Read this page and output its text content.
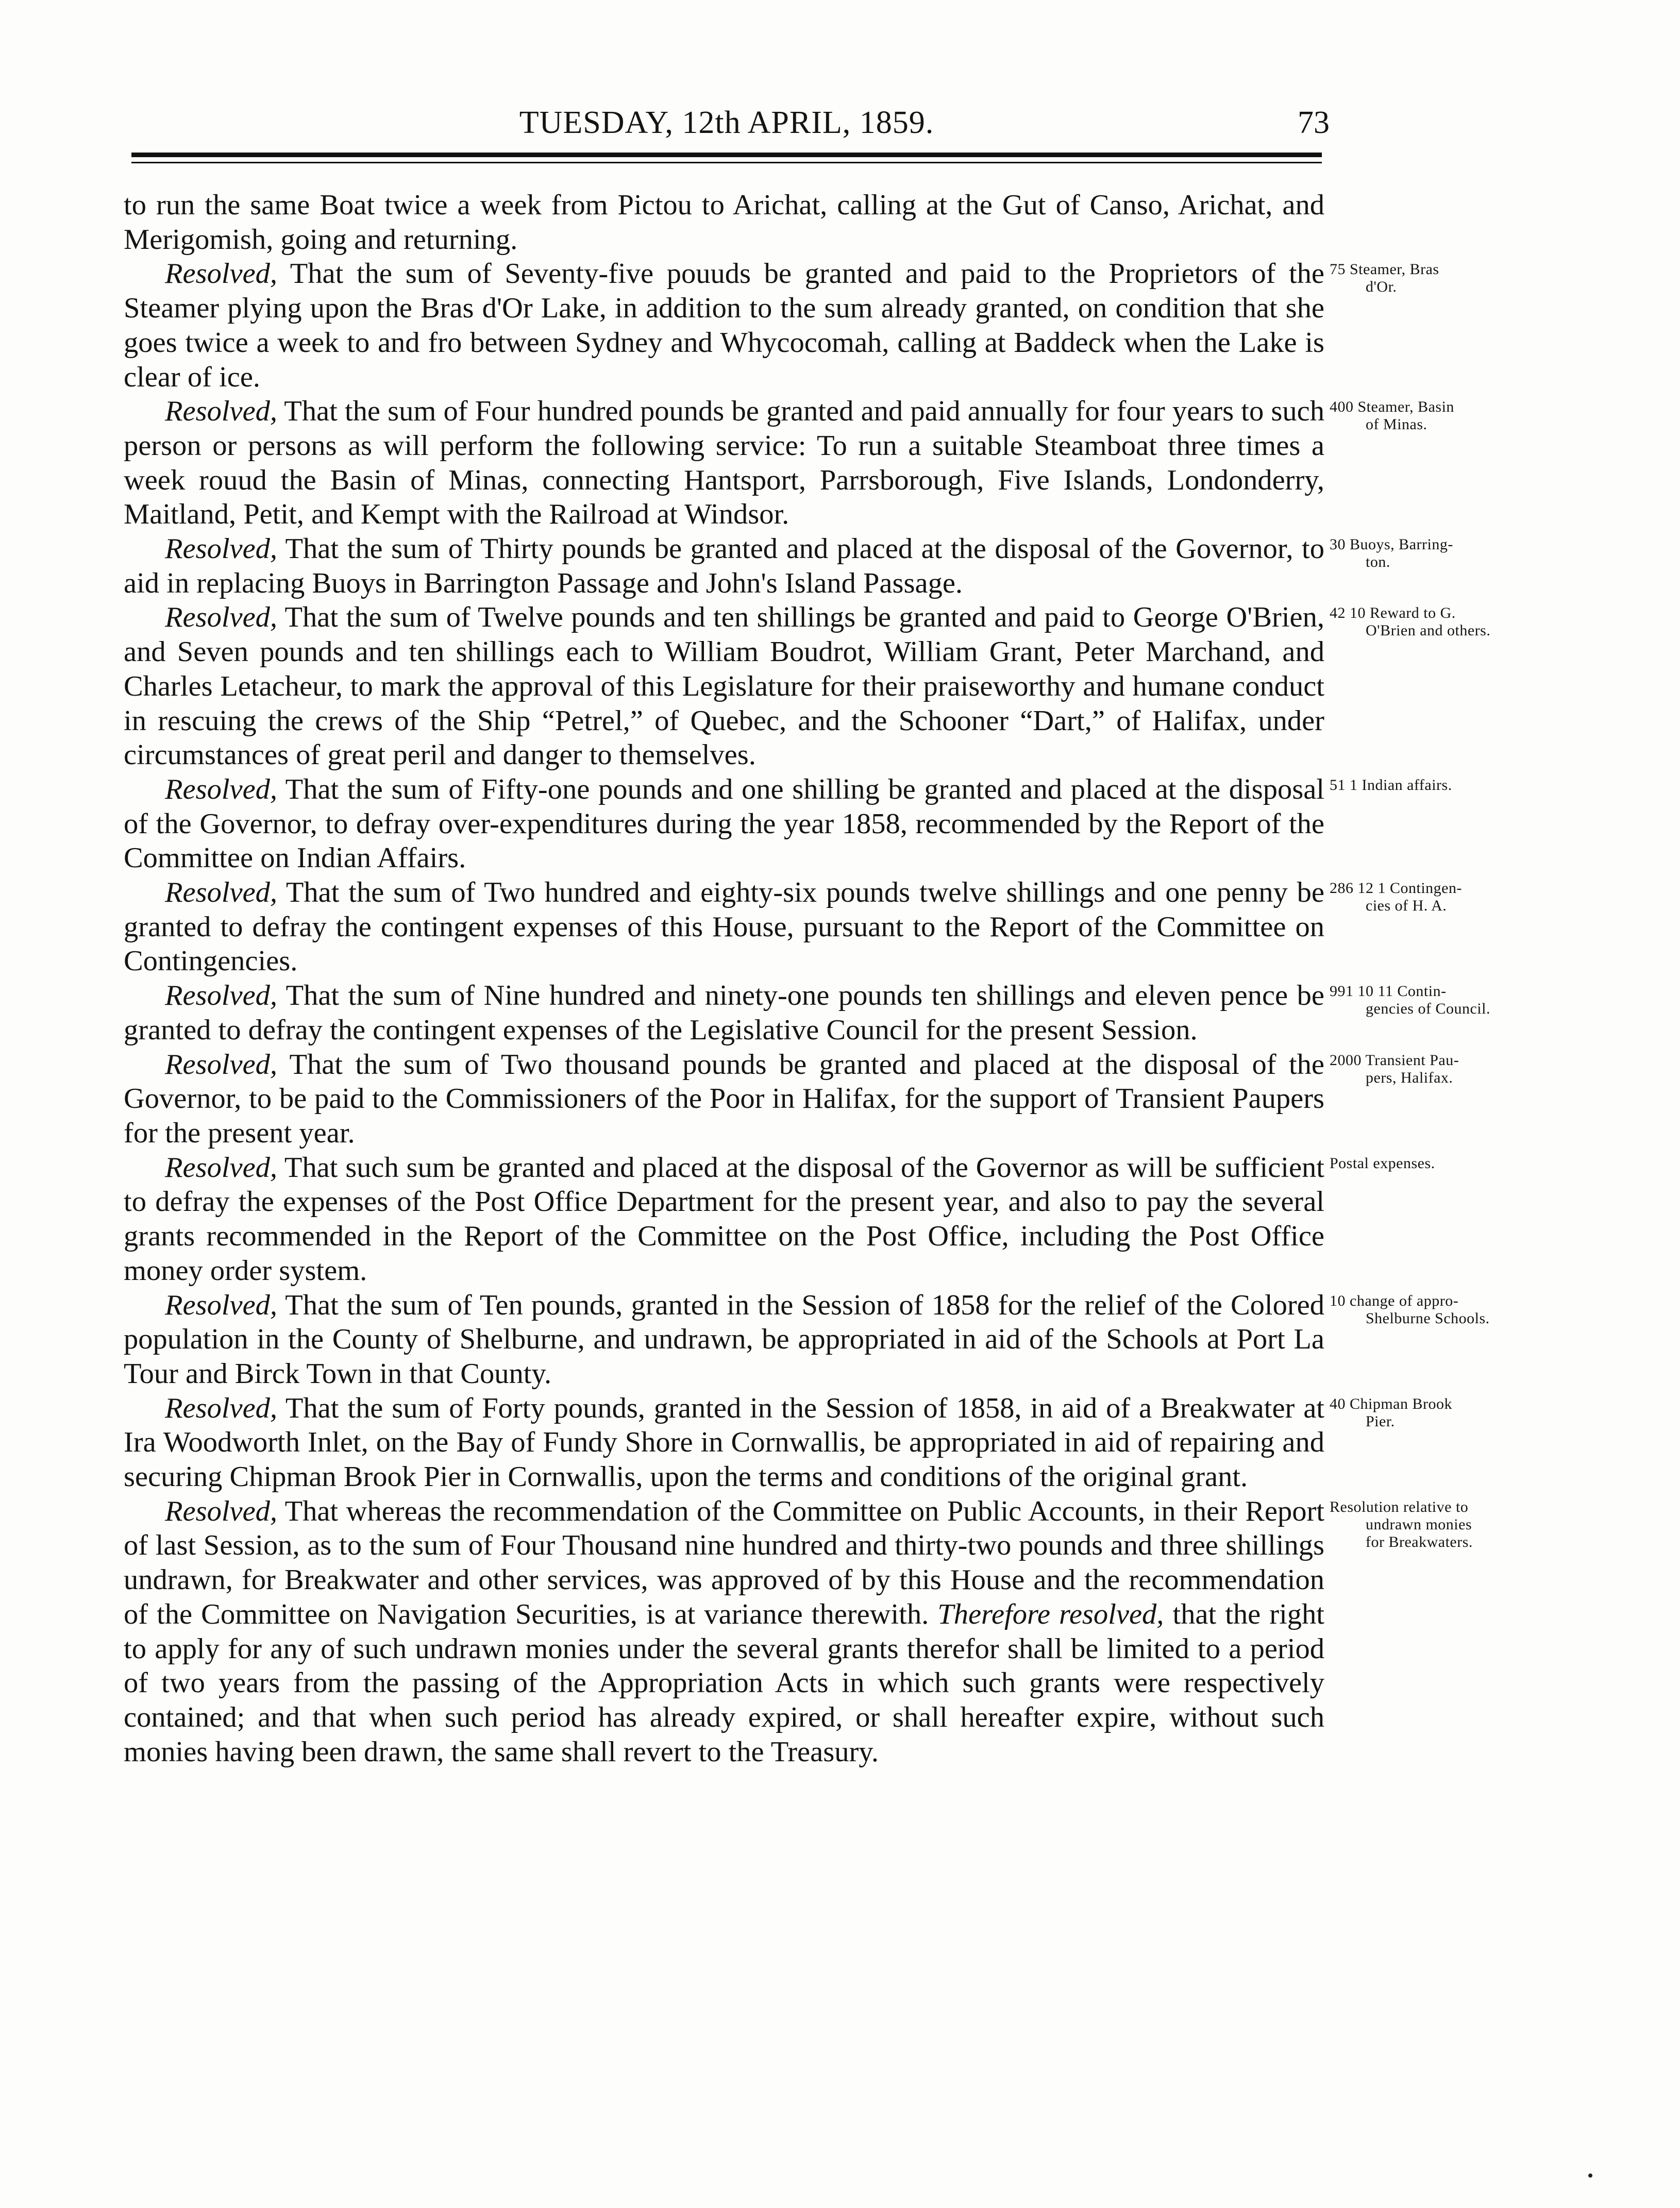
TUESDAY, 12th APRIL, 1859.	73

to run the same Boat twice a week from Pictou to Arichat, calling at the Gut of Canso, Arichat, and Merigomish, going and returning.

Resolved, That the sum of Seventy-five pouuds be granted and paid to the Proprietors of the Steamer plying upon the Bras d'Or Lake, in addition to the sum already granted, on condition that she goes twice a week to and fro between Sydney and Whycocomah, calling at Baddeck when the Lake is clear of ice.
75 Steamer, Bras
d'Or.

Resolved, That the sum of Four hundred pounds be granted and paid annually for four years to such person or persons as will perform the following service: To run a suitable Steamboat three times a week rouud the Basin of Minas, connecting Hantsport, Parrsborough, Five Islands, Londonderry, Maitland, Petit, and Kempt with the Railroad at Windsor.
400 Steamer, Basin
of Minas.

Resolved, That the sum of Thirty pounds be granted and placed at the disposal of the Governor, to aid in replacing Buoys in Barrington Passage and John's Island Passage.
30 Buoys, Barring-
ton.

Resolved, That the sum of Twelve pounds and ten shillings be granted and paid to George O'Brien, and Seven pounds and ten shillings each to William Boudrot, William Grant, Peter Marchand, and Charles Letacheur, to mark the approval of this Legislature for their praiseworthy and humane conduct in rescuing the crews of the Ship “Petrel,” of Quebec, and the Schooner “Dart,” of Halifax, under circumstances of great peril and danger to themselves.
42 10 Reward to G.
O'Brien and others.

Resolved, That the sum of Fifty-one pounds and one shilling be granted and placed at the disposal of the Governor, to defray over-expenditures during the year 1858, recommended by the Report of the Committee on Indian Affairs.
51 1 Indian affairs.

Resolved, That the sum of Two hundred and eighty-six pounds twelve shillings and one penny be granted to defray the contingent expenses of this House, pursuant to the Report of the Committee on Contingencies.
286 12 1 Contingen-
cies of H. A.

Resolved, That the sum of Nine hundred and ninety-one pounds ten shillings and eleven pence be granted to defray the contingent expenses of the Legislative Council for the present Session.
991 10 11 Contin-
gencies of Council.

Resolved, That the sum of Two thousand pounds be granted and placed at the disposal of the Governor, to be paid to the Commissioners of the Poor in Halifax, for the support of Transient Paupers for the present year.
2000 Transient Pau-
pers, Halifax.

Resolved, That such sum be granted and placed at the disposal of the Governor as will be sufficient to defray the expenses of the Post Office Department for the present year, and also to pay the several grants recommended in the Report of the Committee on the Post Office, including the Post Office money order system.
Postal expenses.

Resolved, That the sum of Ten pounds, granted in the Session of 1858 for the relief of the Colored population in the County of Shelburne, and undrawn, be appropriated in aid of the Schools at Port La Tour and Birck Town in that County.
10 change of appro-
Shelburne Schools.

Resolved, That the sum of Forty pounds, granted in the Session of 1858, in aid of a Breakwater at Ira Woodworth Inlet, on the Bay of Fundy Shore in Cornwallis, be appropriated in aid of repairing and securing Chipman Brook Pier in Cornwallis, upon the terms and conditions of the original grant.
40 Chipman Brook
Pier.

Resolved, That whereas the recommendation of the Committee on Public Accounts, in their Report of last Session, as to the sum of Four Thousand nine hundred and thirty-two pounds and three shillings undrawn, for Breakwater and other services, was approved of by this House and the recommendation of the Committee on Navigation Securities, is at variance therewith. Therefore resolved, that the right to apply for any of such undrawn monies under the several grants therefor shall be limited to a period of two years from the passing of the Appropriation Acts in which such grants were respectively contained; and that when such period has already expired, or shall hereafter expire, without such monies having been drawn, the same shall revert to the Treasury.
Resolution relative to
undrawn monies
for Breakwaters.
